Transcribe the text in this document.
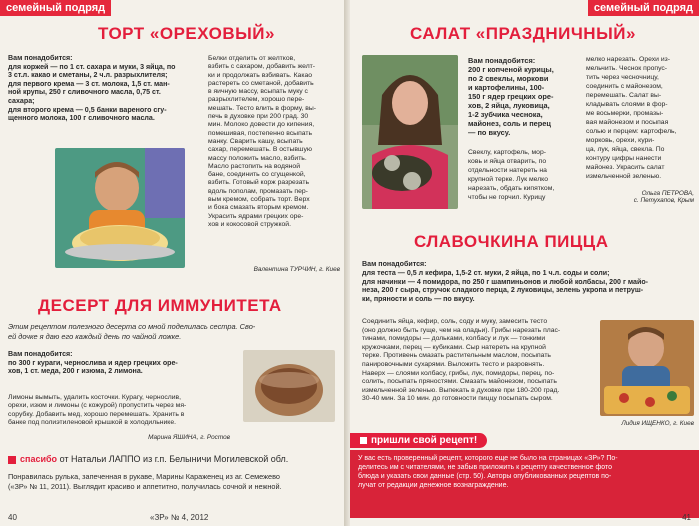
семейный подряд
ТОРТ «ОРЕХОВЫЙ»
Вам понадобится:
для коржей — по 1 ст. сахара и муки, 3 яйца, по
3 ст.л. какао и сметаны, 2 ч.л. разрыхлителя;
для первого крема — 3 ст. молока, 1,5 ст. ман-
ной крупы, 250 г сливочного масла, 0,75 ст.
сахара;
для второго крема — 0,5 банки вареного сгу-
щенного молока, 100 г сливочного масла.
Белки отделить от желтков,
взбить с сахаром, добавить желт-
ки и продолжать взбивать. Какао
растереть со сметаной, добавить
в яичную массу, всыпать муку с
разрыхлителем, хорошо пере-
мешать. Тесто влить в форму, вы-
печь в духовке при 200 град. 30
мин. Молоко довести до кипения,
помешивая, постепенно всыпать
манку. Сварить кашу, всыпать
сахар, перемешать. В остывшую
массу положить масло, взбить.
Масло растопить на водяной
бане, соединить со сгущенкой,
взбить. Готовый корж разрезать
вдоль пополам, промазать пер-
вым кремом, собрать торт. Верх
и бока смазать вторым кремом.
Украсить ядрами грецких оре-
хов и кокосовой стружкой.
Валентина ТУРЧИН, г. Киев
ДЕСЕРТ ДЛЯ ИММУНИТЕТА
Этим рецептом полезного десерта со мной поделилась сестра. Сво-
ей дочке я даю его каждый день по чайной ложке.
Вам понадобится:
по 300 г кураги, чернослива и ядер грецких оре-
хов, 1 ст. меда, 200 г изюма, 2 лимона.
Лимоны вымыть, удалить косточки. Курагу, чернослив,
орехи, изюм и лимоны (с кожурой) пропустить через мя-
сорубку. Добавить мед, хорошо перемешать. Хранить в
банке под полиэтиленовой крышкой в холодильнике.
Марина ЯШИНА, г. Ростов
спасибо от Натальи ЛАППО из г.п. Белыничи Могилевской обл.
Понравилась рулька, запеченная в рукаве, Марины Караженец из аг. Семежево
(«ЗР» № 11, 2011). Выглядит красиво и аппетитно, получилась сочной и нежной.
40	«ЗР» № 4, 2012
семейный подряд
САЛАТ «ПРАЗДНИЧНЫЙ»
Вам понадобится:
200 г копченой курицы,
по 2 свеклы, моркови
и картофелины, 100-
150 г ядер грецких оре-
хов, 2 яйца, луковица,
1-2 зубчика чеснока,
майонез, соль и перец
— по вкусу.
Свеклу, картофель, мор-
ковь и яйца отварить, по
отдельности натереть на
крупной терке. Лук мелко
нарезать, обдать кипятком,
чтобы не горчил. Курицу
мелко нарезать. Орехи из-
мельчить. Чеснок пропус-
тить через чесночницу,
соединить с майонезом,
перемешать. Салат вы-
кладывать слоями в фор-
ме восьмерки, промазы-
вая майонезом и посыпая
солью и перцем: картофель,
морковь, орехи, кури-
ца, лук, яйца, свекла. По
контуру цифры нанести
майонез. Украсить салат
измельченной зеленью.
Ольга ПЕТРОВА,
с. Петухапов, Крым
СЛАВОЧКИНА ПИЦЦА
Вам понадобится:
для теста — 0,5 л кефира, 1,5-2 ст. муки, 2 яйца, по 1 ч.л. соды и соли;
для начинки — 4 помидора, по 250 г шампиньонов и любой колбасы, 200 г майо-
неза, 200 г сыра, стручок сладкого перца, 2 луковицы, зелень укропа и петруш-
ки, пряности и соль — по вкусу.
Соединить яйца, кефир, соль, соду и муку, замесить тесто
(оно должно быть гуще, чем на оладьи). Грибы нарезать плас-
тинами, помидоры — дольками, колбасу и лук — тонкими
кружочками, перец — кубиками. Сыр натереть на крупной
терке. Противень смазать растительным маслом, посыпать
панировочными сухарями. Выложить тесто и разровнять.
Наверх — слоями колбасу, грибы, лук, помидоры, перец, по-
солить, посыпать пряностями. Смазать майонезом, посыпать
измельченной зеленью. Выпекать в духовке при 180-200 град.
30-40 мин. За 10 мин. до готовности пиццу посыпать сыром.
Лидия ИЩЕНКО, г. Киев
пришли свой рецепт!
У вас есть проверенный рецепт, которого еще не было на страницах «ЗР»? По-
делитесь им с читателями, не забыв приложить к рецепту качественное фото
блюда и указать свои данные (стр. 50). Авторы опубликованных рецептов по-
лучат от редакции денежное вознаграждение.
41
